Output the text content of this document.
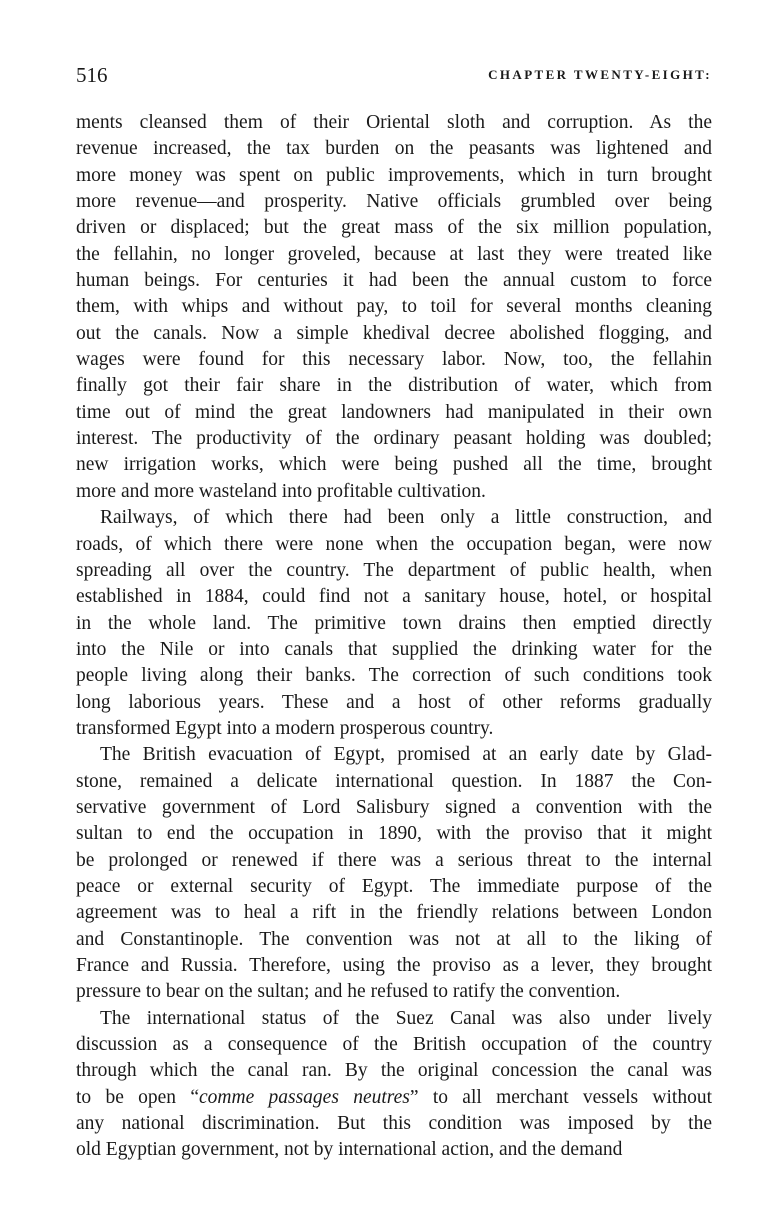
516	CHAPTER TWENTY-EIGHT:
ments cleansed them of their Oriental sloth and corruption. As the
revenue increased, the tax burden on the peasants was lightened and
more money was spent on public improvements, which in turn brought
more revenue—and prosperity. Native officials grumbled over being
driven or displaced; but the great mass of the six million population,
the fellahin, no longer groveled, because at last they were treated like
human beings. For centuries it had been the annual custom to force
them, with whips and without pay, to toil for several months cleaning
out the canals. Now a simple khedival decree abolished flogging, and
wages were found for this necessary labor. Now, too, the fellahin
finally got their fair share in the distribution of water, which from
time out of mind the great landowners had manipulated in their own
interest. The productivity of the ordinary peasant holding was doubled;
new irrigation works, which were being pushed all the time, brought
more and more wasteland into profitable cultivation.
Railways, of which there had been only a little construction, and
roads, of which there were none when the occupation began, were now
spreading all over the country. The department of public health, when
established in 1884, could find not a sanitary house, hotel, or hospital
in the whole land. The primitive town drains then emptied directly
into the Nile or into canals that supplied the drinking water for the
people living along their banks. The correction of such conditions took
long laborious years. These and a host of other reforms gradually
transformed Egypt into a modern prosperous country.
The British evacuation of Egypt, promised at an early date by Glad-
stone, remained a delicate international question. In 1887 the Con-
servative government of Lord Salisbury signed a convention with the
sultan to end the occupation in 1890, with the proviso that it might
be prolonged or renewed if there was a serious threat to the internal
peace or external security of Egypt. The immediate purpose of the
agreement was to heal a rift in the friendly relations between London
and Constantinople. The convention was not at all to the liking of
France and Russia. Therefore, using the proviso as a lever, they brought
pressure to bear on the sultan; and he refused to ratify the convention.
The international status of the Suez Canal was also under lively
discussion as a consequence of the British occupation of the country
through which the canal ran. By the original concession the canal was
to be open “comme passages neutres” to all merchant vessels without
any national discrimination. But this condition was imposed by the
old Egyptian government, not by international action, and the demand
